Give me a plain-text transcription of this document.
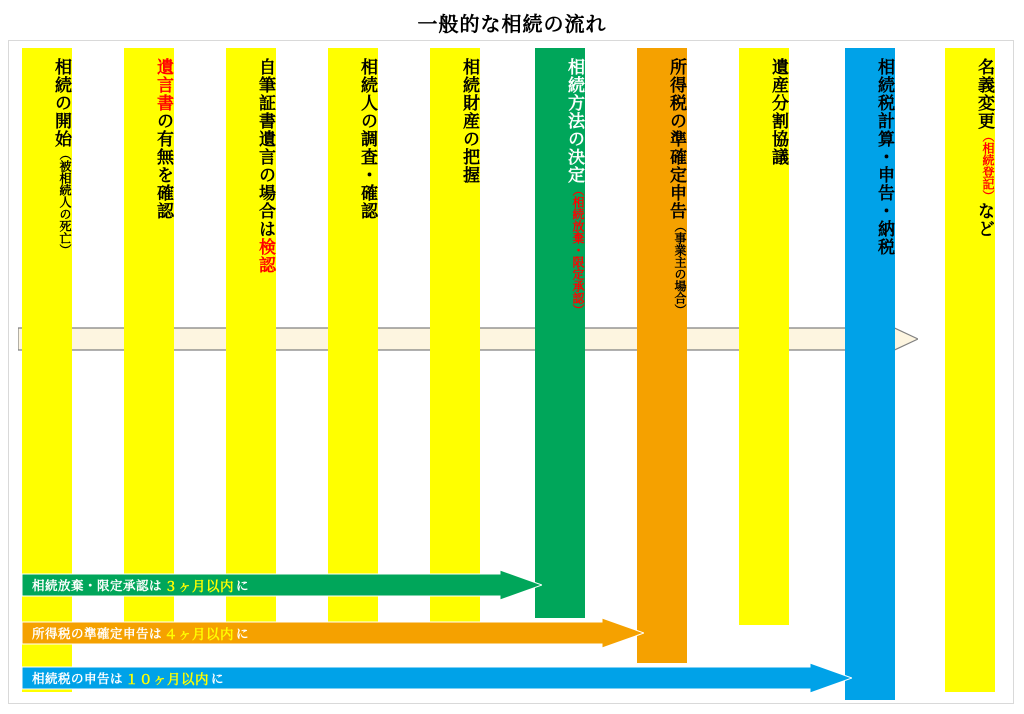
一般的な相続の流れ
相続の開始
（被相続人の死亡）
遺言書
の有無を確認	自筆証書遺言の場合は
検認
相続人の調査・確認	相続財産の把握	相続方法の決定
（相続放棄・限定承認）
所得税の準確定申告
（事業主の場合）
遺産分割協議	相続税計算・申告・納税	名義変更
（相続登記）
など
相続放棄・限定承認は ３ヶ月以内 に
所得税の準確定申告は ４ヶ月以内 に
相続税の申告は １０ヶ月以内 に
